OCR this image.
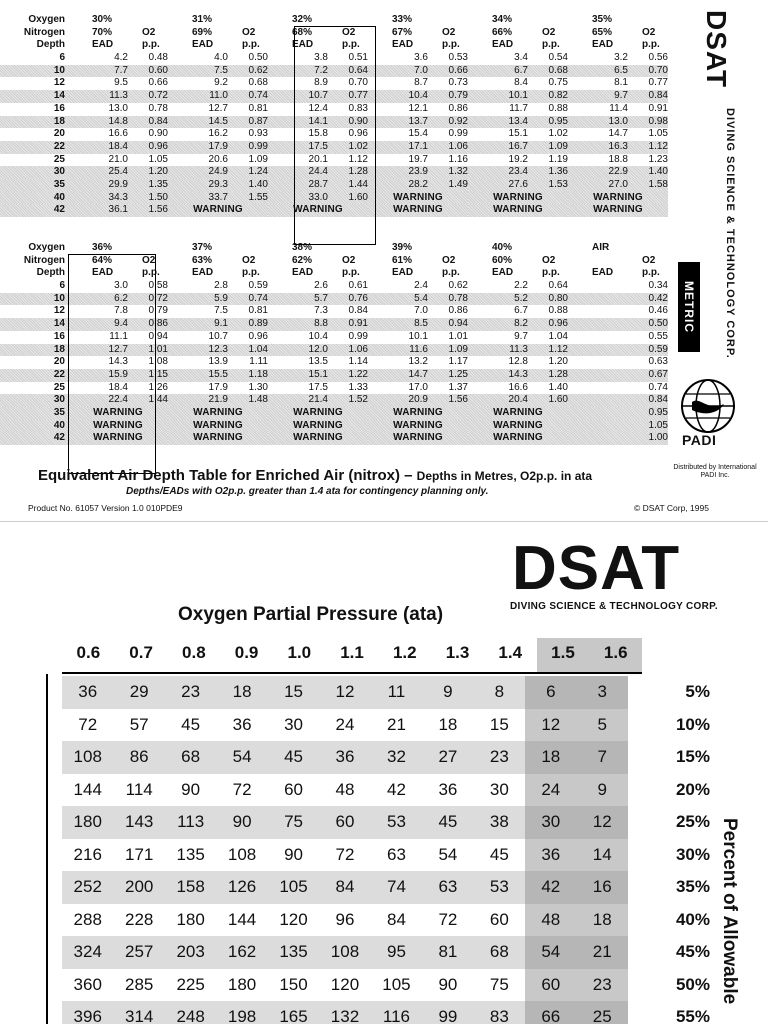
Oxygen	30%	31%	32%	33%	34%	35%
Nitrogen	70%	O2	69%	O2	68%	O2	67%	O2	66%	O2	65%	O2
Depth	EAD	p.p.	EAD	p.p.	EAD	p.p.	EAD	p.p.	EAD	p.p.	EAD	p.p.
6	4.2	0.48	4.0	0.50	3.8	0.51	3.6	0.53	3.4	0.54	3.2	0.56
10	7.7	0.60	7.5	0.62	7.2	0.64	7.0	0.66	6.7	0.68	6.5	0.70
12	9.5	0.66	9.2	0.68	8.9	0.70	8.7	0.73	8.4	0.75	8.1	0.77
14	11.3	0.72	11.0	0.74	10.7	0.77	10.4	0.79	10.1	0.82	9.7	0.84
16	13.0	0.78	12.7	0.81	12.4	0.83	12.1	0.86	11.7	0.88	11.4	0.91
18	14.8	0.84	14.5	0.87	14.1	0.90	13.7	0.92	13.4	0.95	13.0	0.98
20	16.6	0.90	16.2	0.93	15.8	0.96	15.4	0.99	15.1	1.02	14.7	1.05
22	18.4	0.96	17.9	0.99	17.5	1.02	17.1	1.06	16.7	1.09	16.3	1.12
25	21.0	1.05	20.6	1.09	20.1	1.12	19.7	1.16	19.2	1.19	18.8	1.23
30	25.4	1.20	24.9	1.24	24.4	1.28	23.9	1.32	23.4	1.36	22.9	1.40
35	29.9	1.35	29.3	1.40	28.7	1.44	28.2	1.49	27.6	1.53	27.0	1.58
40	34.3	1.50	33.7	1.55	33.0	1.60	WARNING	WARNING	WARNING
42	36.1	1.56	WARNING	WARNING	WARNING	WARNING	WARNING
Oxygen	36%	37%	38%	39%	40%	AIR
Nitrogen	64%	O2	63%	O2	62%	O2	61%	O2	60%	O2	O2
Depth	EAD	p.p.	EAD	p.p.	EAD	p.p.	EAD	p.p.	EAD	p.p.	EAD	p.p.
6	3.0	0.58	2.8	0.59	2.6	0.61	2.4	0.62	2.2	0.64	0.34
10	6.2	0.72	5.9	0.74	5.7	0.76	5.4	0.78	5.2	0.80	0.42
12	7.8	0.79	7.5	0.81	7.3	0.84	7.0	0.86	6.7	0.88	0.46
14	9.4	0.86	9.1	0.89	8.8	0.91	8.5	0.94	8.2	0.96	0.50
16	11.1	0.94	10.7	0.96	10.4	0.99	10.1	1.01	9.7	1.04	0.55
18	12.7	1.01	12.3	1.04	12.0	1.06	11.6	1.09	11.3	1.12	0.59
20	14.3	1.08	13.9	1.11	13.5	1.14	13.2	1.17	12.8	1.20	0.63
22	15.9	1.15	15.5	1.18	15.1	1.22	14.7	1.25	14.3	1.28	0.67
25	18.4	1.26	17.9	1.30	17.5	1.33	17.0	1.37	16.6	1.40	0.74
30	22.4	1.44	21.9	1.48	21.4	1.52	20.9	1.56	20.4	1.60	0.84
35	WARNING	WARNING	WARNING	WARNING	WARNING	0.95
40	WARNING	WARNING	WARNING	WARNING	WARNING	1.05
42	WARNING	WARNING	WARNING	WARNING	WARNING	1.00
DSAT
DIVING SCIENCE & TECHNOLOGY CORP.
METRIC
PADI
Distributed by International PADI Inc.
Equivalent Air Depth Table for Enriched Air (nitrox) – Depths in Metres, O2p.p. in ata
Depths/EADs with O2p.p. greater than 1.4 ata for contingency planning only.
Product No. 61057 Version 1.0 010PDE9	© DSAT Corp, 1995
DSAT
DIVING SCIENCE & TECHNOLOGY CORP.
Oxygen Partial Pressure (ata)
0.6	0.7	0.8	0.9	1.0	1.1	1.2	1.3	1.4	1.5	1.6
36	29	23	18	15	12	11	9	8	6	3	5%
72	57	45	36	30	24	21	18	15	12	5	10%
108	86	68	54	45	36	32	27	23	18	7	15%
144	114	90	72	60	48	42	36	30	24	9	20%
180	143	113	90	75	60	53	45	38	30	12	25%
216	171	135	108	90	72	63	54	45	36	14	30%
252	200	158	126	105	84	74	63	53	42	16	35%
288	228	180	144	120	96	84	72	60	48	18	40%
324	257	203	162	135	108	95	81	68	54	21	45%
360	285	225	180	150	120	105	90	75	60	23	50%
396	314	248	198	165	132	116	99	83	66	25	55%
Percent of Allowable
